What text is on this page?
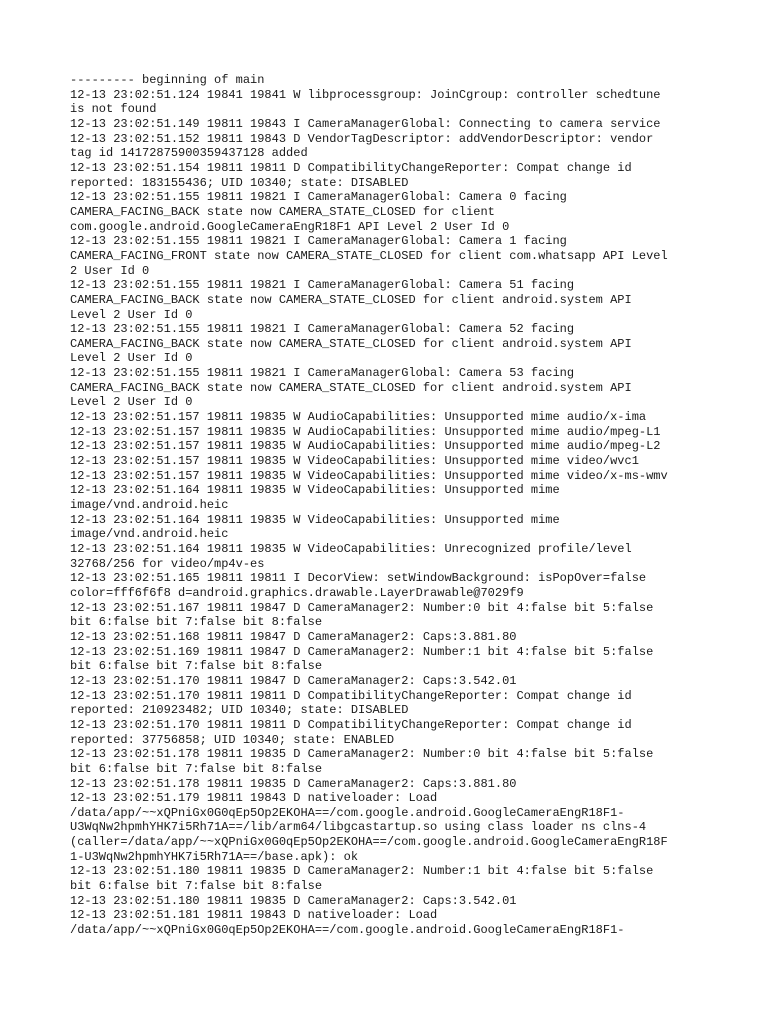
--------- beginning of main
12-13 23:02:51.124 19841 19841 W libprocessgroup: JoinCgroup: controller schedtune
is not found
12-13 23:02:51.149 19811 19843 I CameraManagerGlobal: Connecting to camera service
12-13 23:02:51.152 19811 19843 D VendorTagDescriptor: addVendorDescriptor: vendor
tag id 14172875900359437128 added
12-13 23:02:51.154 19811 19811 D CompatibilityChangeReporter: Compat change id
reported: 183155436; UID 10340; state: DISABLED
12-13 23:02:51.155 19811 19821 I CameraManagerGlobal: Camera 0 facing
CAMERA_FACING_BACK state now CAMERA_STATE_CLOSED for client
com.google.android.GoogleCameraEngR18F1 API Level 2 User Id 0
12-13 23:02:51.155 19811 19821 I CameraManagerGlobal: Camera 1 facing
CAMERA_FACING_FRONT state now CAMERA_STATE_CLOSED for client com.whatsapp API Level
2 User Id 0
12-13 23:02:51.155 19811 19821 I CameraManagerGlobal: Camera 51 facing
CAMERA_FACING_BACK state now CAMERA_STATE_CLOSED for client android.system API
Level 2 User Id 0
12-13 23:02:51.155 19811 19821 I CameraManagerGlobal: Camera 52 facing
CAMERA_FACING_BACK state now CAMERA_STATE_CLOSED for client android.system API
Level 2 User Id 0
12-13 23:02:51.155 19811 19821 I CameraManagerGlobal: Camera 53 facing
CAMERA_FACING_BACK state now CAMERA_STATE_CLOSED for client android.system API
Level 2 User Id 0
12-13 23:02:51.157 19811 19835 W AudioCapabilities: Unsupported mime audio/x-ima
12-13 23:02:51.157 19811 19835 W AudioCapabilities: Unsupported mime audio/mpeg-L1
12-13 23:02:51.157 19811 19835 W AudioCapabilities: Unsupported mime audio/mpeg-L2
12-13 23:02:51.157 19811 19835 W VideoCapabilities: Unsupported mime video/wvc1
12-13 23:02:51.157 19811 19835 W VideoCapabilities: Unsupported mime video/x-ms-wmv
12-13 23:02:51.164 19811 19835 W VideoCapabilities: Unsupported mime
image/vnd.android.heic
12-13 23:02:51.164 19811 19835 W VideoCapabilities: Unsupported mime
image/vnd.android.heic
12-13 23:02:51.164 19811 19835 W VideoCapabilities: Unrecognized profile/level
32768/256 for video/mp4v-es
12-13 23:02:51.165 19811 19811 I DecorView: setWindowBackground: isPopOver=false
color=fff6f6f8 d=android.graphics.drawable.LayerDrawable@7029f9
12-13 23:02:51.167 19811 19847 D CameraManager2: Number:0 bit 4:false bit 5:false
bit 6:false bit 7:false bit 8:false
12-13 23:02:51.168 19811 19847 D CameraManager2: Caps:3.881.80
12-13 23:02:51.169 19811 19847 D CameraManager2: Number:1 bit 4:false bit 5:false
bit 6:false bit 7:false bit 8:false
12-13 23:02:51.170 19811 19847 D CameraManager2: Caps:3.542.01
12-13 23:02:51.170 19811 19811 D CompatibilityChangeReporter: Compat change id
reported: 210923482; UID 10340; state: DISABLED
12-13 23:02:51.170 19811 19811 D CompatibilityChangeReporter: Compat change id
reported: 37756858; UID 10340; state: ENABLED
12-13 23:02:51.178 19811 19835 D CameraManager2: Number:0 bit 4:false bit 5:false
bit 6:false bit 7:false bit 8:false
12-13 23:02:51.178 19811 19835 D CameraManager2: Caps:3.881.80
12-13 23:02:51.179 19811 19843 D nativeloader: Load
/data/app/~~xQPniGx0G0qEp5Op2EKOHA==/com.google.android.GoogleCameraEngR18F1-
U3WqNw2hpmhYHK7i5Rh71A==/lib/arm64/libgcastartup.so using class loader ns clns-4
(caller=/data/app/~~xQPniGx0G0qEp5Op2EKOHA==/com.google.android.GoogleCameraEngR18F
1-U3WqNw2hpmhYHK7i5Rh71A==/base.apk): ok
12-13 23:02:51.180 19811 19835 D CameraManager2: Number:1 bit 4:false bit 5:false
bit 6:false bit 7:false bit 8:false
12-13 23:02:51.180 19811 19835 D CameraManager2: Caps:3.542.01
12-13 23:02:51.181 19811 19843 D nativeloader: Load
/data/app/~~xQPniGx0G0qEp5Op2EKOHA==/com.google.android.GoogleCameraEngR18F1-
